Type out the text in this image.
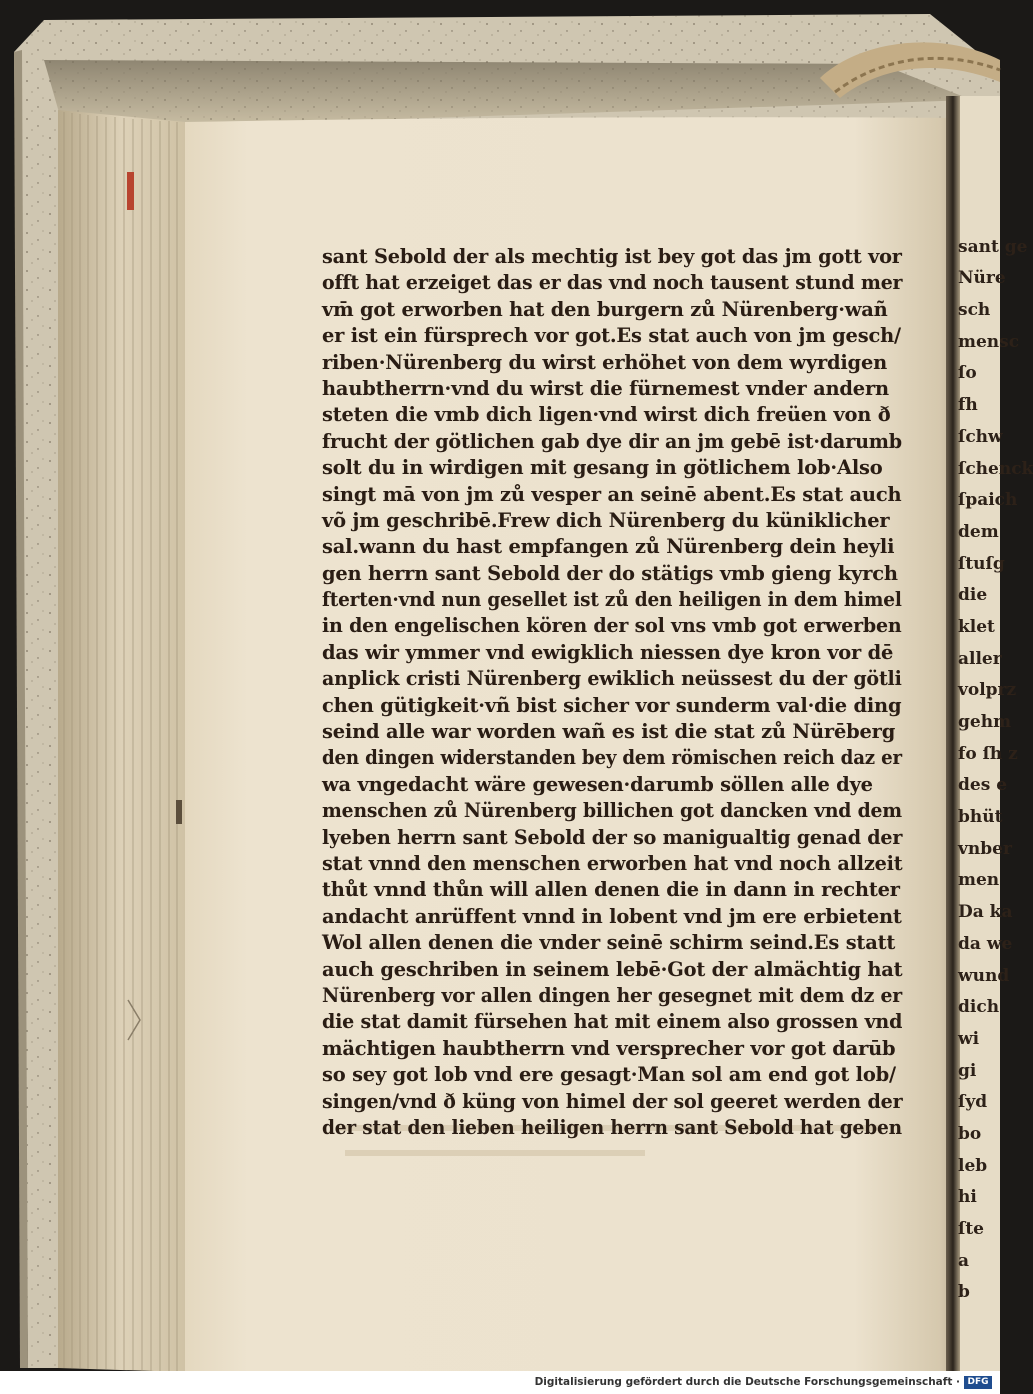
sant Sebold der als mechtig ist bey got das jm gott vor
offt hat erzeiget das er das vnd noch tausent stund mer
vm̄ got erworben hat den burgern zů Nürenberg·wañ
er ist ein fürsprech vor got.Es stat auch von jm gesch/
riben·Nürenberg du wirst erhöhet von dem wyrdigen
haubtherrn·vnd du wirst die fürnemest vnder andern
steten die vmb dich ligen·vnd wirst dich freüen von ð
frucht der götlichen gab dye dir an jm gebē ist·darumb
solt du in wirdigen mit gesang in götlichem lob·Also
singt mā von jm zů vesper an seinē abent.Es stat auch
võ jm geschribē.Frew dich Nürenberg du küniklicher
sal.wann du hast empfangen zů Nürenberg dein heyli
gen herrn sant Sebold der do stätigs vmb gieng kyrch
fterten·vnd nun gesellet ist zů den heiligen in dem himel
in den engelischen kören der sol vns vmb got erwerben
das wir ymmer vnd ewigklich niessen dye kron vor dē
anplick cristi Nürenberg ewiklich neüssest du der götli
chen gütigkeit·vñ bist sicher vor sunderm val·die ding
seind alle war worden wañ es ist die stat zů Nürēberg
den dingen widerstanden bey dem römischen reich daz er
wa vngedacht wäre gewesen·darumb söllen alle dye
menschen zů Nürenberg billichen got dancken vnd dem
lyeben herrn sant Sebold der so manigualtig genad der
stat vnnd den menschen erworben hat vnd noch allzeit
thůt vnnd thůn will allen denen die in dann in rechter
andacht anrüffent vnnd in lobent vnd jm ere erbietent
Wol allen denen die vnder seinē schirm seind.Es statt
auch geschriben in seinem lebē·Got der almächtig hat
Nürenberg vor allen dingen her gesegnet mit dem dz er
die stat damit fürsehen hat mit einem also grossen vnd
mächtigen haubtherrn vnd versprecher vor got darūb
so sey got lob vnd ere gesagt·Man sol am end got lob/
singen/vnd ð küng von himel der sol geeret werden der
der stat den lieben heiligen herrn sant Sebold hat geben
sant ge
Nüre
sch
mensc
ſo
fh
ſchw
ſchenck
ſpaich
dem
ſtuſg
die
klet
aller
volprz
gehm
fo ſh z
des e
bhüt
vnber
men
Da ka
da we
wund
dich
wi
gi
ſyd
bo
leb
hi
ſte
a
b
Digitalisierung gefördert durch die Deutsche Forschungsgemeinschaft · DFG
